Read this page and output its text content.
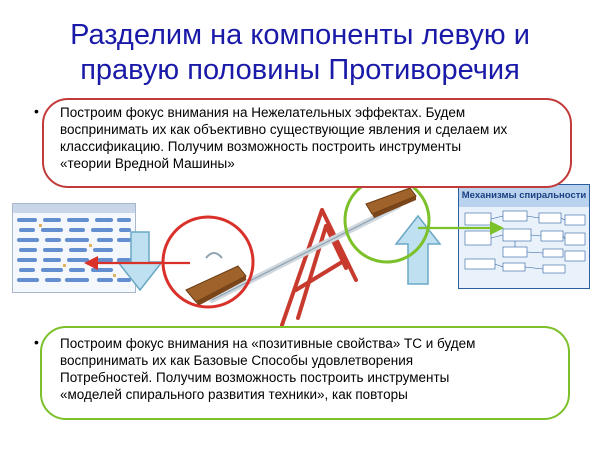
Разделим на компоненты левую и
правую половины Противоречия
Механизмы спиральности
• Построим фокус внимания на Нежелательных эффектах. Будем
воспринимать их как объективно существующие явления и сделаем их
классификацию. Получим возможность построить инструменты
«теории Вредной Машины»
• Построим фокус внимания на «позитивные свойства» ТС и будем
воспринимать их как Базовые Способы удовлетворения
Потребностей. Получим возможность построить инструменты
«моделей спирального развития техники», как повторы
